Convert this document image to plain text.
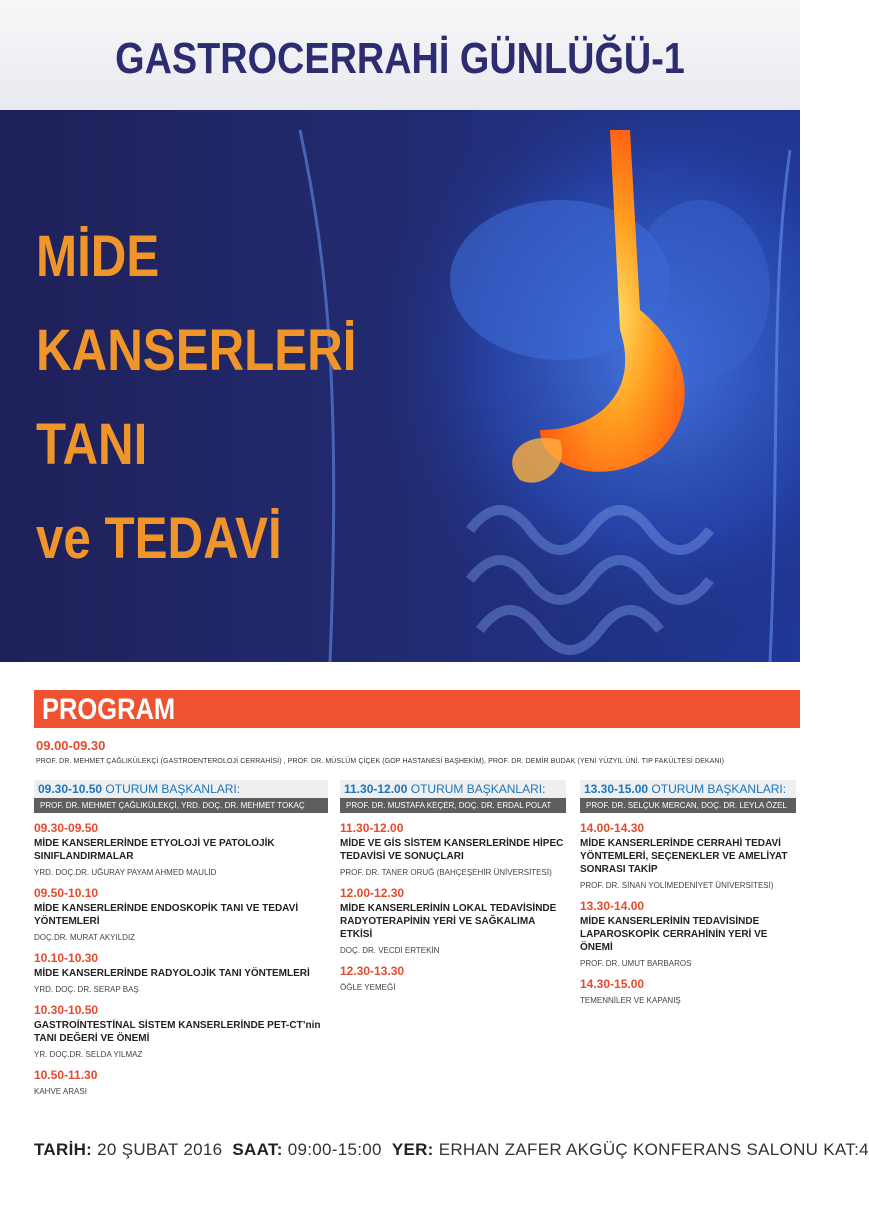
GASTROCERRAHİ GÜNLÜĞÜ-1
MİDE
KANSERLERİ
TANI
ve TEDAVİ
PROGRAM
09.00-09.30
PROF. DR. MEHMET ÇAĞLIKÜLEKÇİ (GASTROENTEROLOJİ CERRAHİSİ) , PROF. DR. MÜSLÜM ÇİÇEK (GOP HASTANESİ BAŞHEKİM), PROF. DR. DEMİR BUDAK (YENİ YÜZYIL ÜNİ. TIP FAKÜLTESİ DEKANI)
09.30-10.50 OTURUM BAŞKANLARI:
PROF. DR. MEHMET ÇAĞLIKÜLEKÇİ, YRD. DOÇ. DR. MEHMET TOKAÇ
09.30-09.50
MİDE KANSERLERİNDE ETYOLOJİ VE PATOLOJİK SINIFLANDIRMALAR
YRD. DOÇ.DR. UĞURAY PAYAM AHMED MAULİD
09.50-10.10
MİDE KANSERLERİNDE ENDOSKOPİK TANI VE TEDAVİ YÖNTEMLERİ
DOÇ.DR. MURAT AKYILDIZ
10.10-10.30
MİDE KANSERLERİNDE RADYOLOJİK TANI YÖNTEMLERİ
YRD. DOÇ. DR. SERAP BAŞ
10.30-10.50
GASTROİNTESTİNAL SİSTEM KANSERLERİNDE PET-CT’nin TANI DEĞERİ VE ÖNEMİ
YR. DOÇ.DR. SELDA YILMAZ
10.50-11.30
KAHVE ARASI
11.30-12.00 OTURUM BAŞKANLARI:
PROF. DR. MUSTAFA KEÇER, DOÇ. DR. ERDAL POLAT
11.30-12.00
MİDE VE GİS SİSTEM KANSERLERİNDE HİPEC TEDAVİSİ VE SONUÇLARI
PROF. DR. TANER ORUĞ (BAHÇEŞEHİR ÜNİVERSİTESİ)
12.00-12.30
MİDE KANSERLERİNİN LOKAL TEDAVİSİNDE RADYOTERAPİNİN YERİ VE SAĞKALIMA ETKİSİ
DOÇ. DR. VECDİ ERTEKİN
12.30-13.30
ÖĞLE YEMEĞİ
13.30-15.00 OTURUM BAŞKANLARI:
PROF. DR. SELÇUK MERCAN, DOÇ. DR. LEYLA ÖZEL
14.00-14.30
MİDE KANSERLERİNDE CERRAHİ TEDAVİ YÖNTEMLERİ, SEÇENEKLER VE AMELİYAT SONRASI TAKİP
PROF. DR. SİNAN YOLİMEDENİYET ÜNİVERSİTESİ)
13.30-14.00
MİDE KANSERLERİNİN TEDAVİSİNDE LAPAROSKOPİK CERRAHİNİN YERİ VE ÖNEMİ
PROF. DR. UMUT BARBAROS
14.30-15.00
TEMENNİLER VE KAPANIŞ
TARİH: 20 ŞUBAT 2016 SAAT: 09:00-15:00 YER: ERHAN ZAFER AKGÜÇ KONFERANS SALONU KAT:4
